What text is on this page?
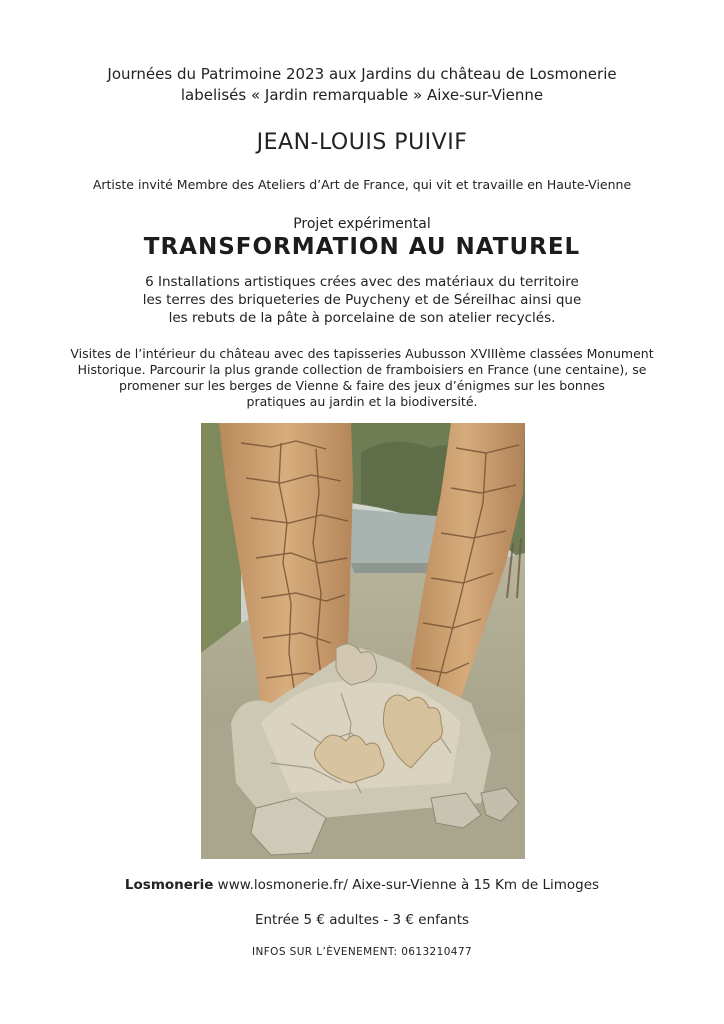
Journées du Patrimoine 2023 aux Jardins du château de Losmonerie
labelisés « Jardin remarquable » Aixe-sur-Vienne
JEAN-LOUIS PUIVIF
Artiste invité Membre des Ateliers d’Art de France, qui vit et travaille en Haute-Vienne
Projet expérimental
TRANSFORMATION AU NATUREL
6 Installations artistiques crées avec des matériaux du territoire
les terres des briqueteries de Puycheny et de Séreilhac ainsi que
les rebuts de la pâte à porcelaine de son atelier recyclés.
Visites de l’intérieur du château avec des tapisseries Aubusson XVIIIème classées Monument
Historique. Parcourir la plus grande collection de framboisiers en France (une centaine), se
promener sur les berges de Vienne & faire des jeux d’énigmes sur les bonnes
pratiques au jardin et la biodiversité.
Losmonerie www.losmonerie.fr/ Aixe-sur-Vienne à 15 Km de Limoges
Entrée 5 € adultes - 3 € enfants
INFOS SUR L’ÈVENEMENT: 0613210477
